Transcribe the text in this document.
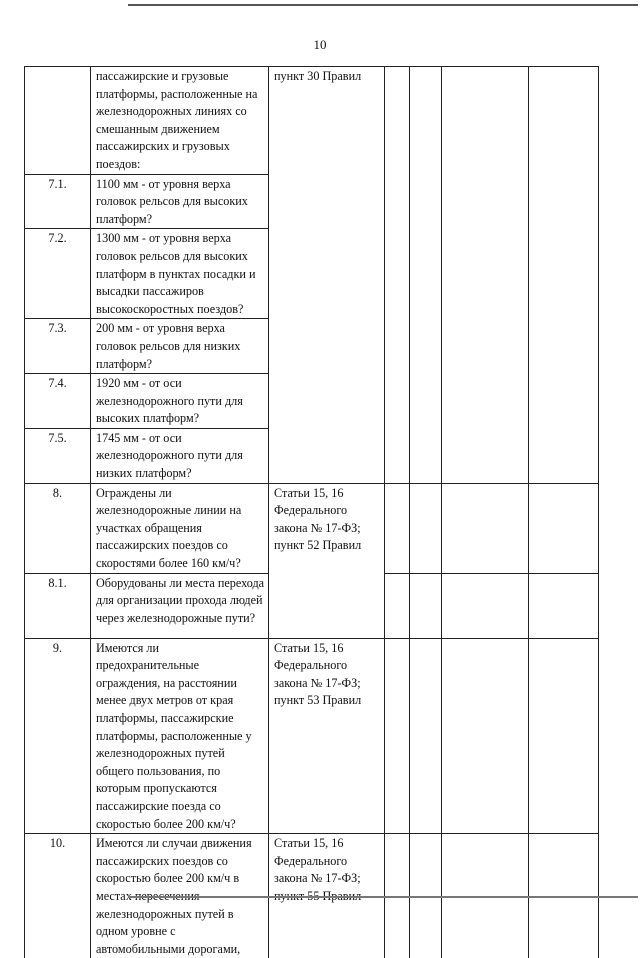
10
	пассажирские и грузовые платформы, расположенные на железнодорожных линиях со смешанным движением пассажирских и грузовых поездов:	пункт 30 Правил				
7.1.	1100 мм - от уровня верха головок рельсов для высоких платформ?					
7.2.	1300 мм - от уровня верха головок рельсов для высоких платформ в пунктах посадки и высадки пассажиров высокоскоростных поездов?					
7.3.	200 мм - от уровня верха головок рельсов для низких платформ?					
7.4.	1920 мм - от оси железнодорожного пути для высоких платформ?					
7.5.	1745 мм - от оси железнодорожного пути для низких платформ?					
8.	Ограждены ли железнодорожные линии на участках обращения пассажирских поездов со скоростями более 160 км/ч?	Статьи 15, 16 Федерального закона № 17-ФЗ; пункт 52 Правил				
8.1.	Оборудованы ли места перехода для организации прохода людей через железнодорожные пути?					
9.	Имеются ли предохранительные ограждения, на расстоянии менее двух метров от края платформы, пассажирские платформы, расположенные у железнодорожных путей общего пользования, по которым пропускаются пассажирские поезда со скоростью более 200 км/ч?	Статьи 15, 16 Федерального закона № 17-ФЗ; пункт 53 Правил				
10.	Имеются ли случаи движения пассажирских поездов со скоростью более 200 км/ч в местах пересечения железнодорожных путей в одном уровне с автомобильными дорогами,	Статьи 15, 16 Федерального закона № 17-ФЗ; пункт 55 Правил				
